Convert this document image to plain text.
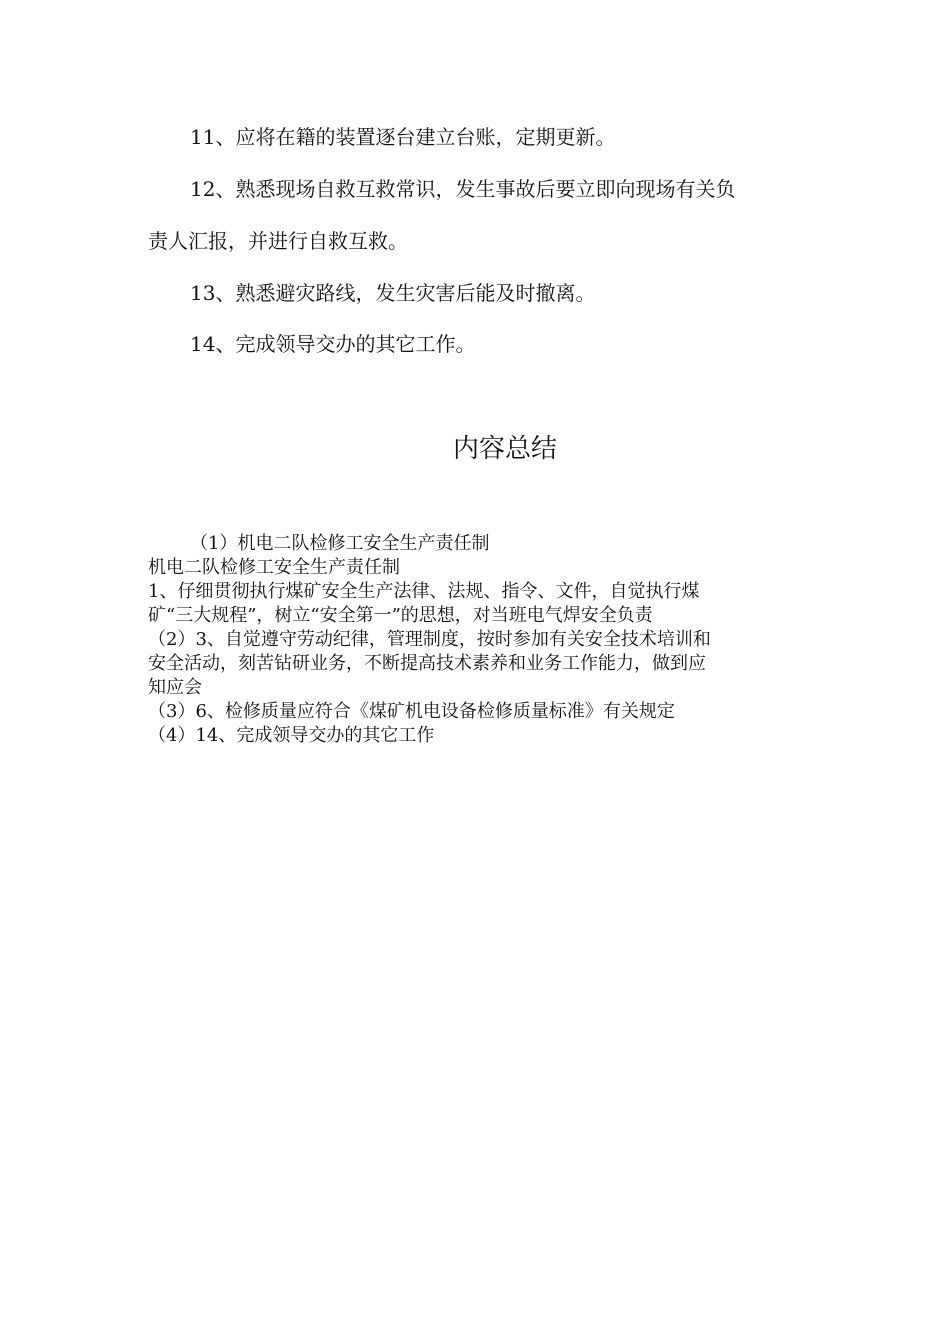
11、应将在籍的装置逐台建立台账，定期更新。

12、熟悉现场自救互救常识，发生事故后要立即向现场有关负

责人汇报，并进行自救互救。

13、熟悉避灾路线，发生灾害后能及时撤离。

14、完成领导交办的其它工作。

内容总结

（1）机电二队检修工安全生产责任制

机电二队检修工安全生产责任制

1、仔细贯彻执行煤矿安全生产法律、法规、指令、文件，自觉执行煤

矿“三大规程”，树立“安全第一”的思想，对当班电气焊安全负责

（2）3、自觉遵守劳动纪律，管理制度，按时参加有关安全技术培训和

安全活动，刻苦钻研业务，不断提高技术素养和业务工作能力，做到应

知应会

（3）6、检修质量应符合《煤矿机电设备检修质量标准》有关规定

（4）14、完成领导交办的其它工作
